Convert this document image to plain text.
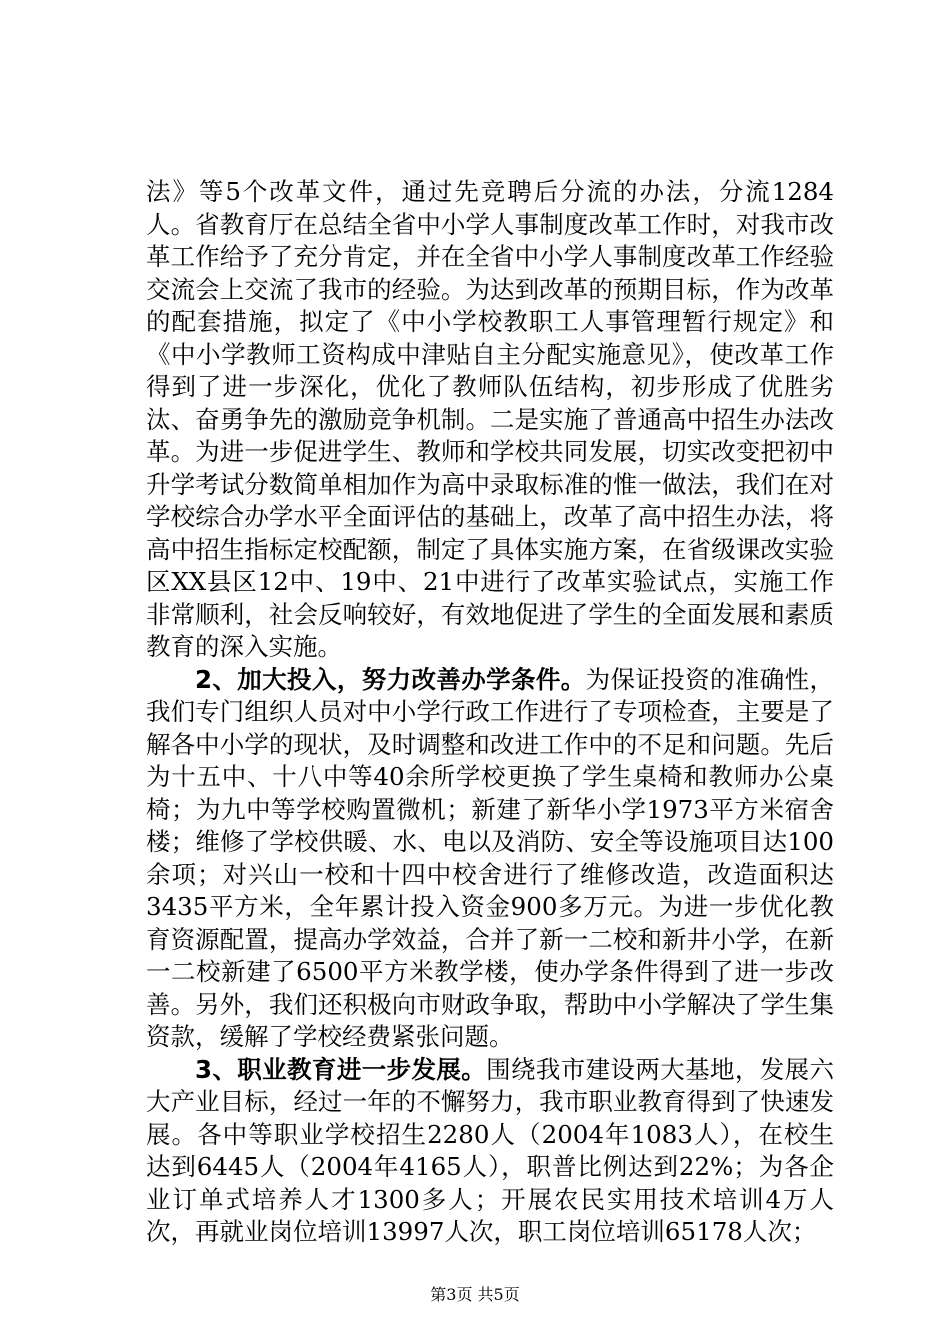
法》等5个改革文件，通过先竞聘后分流的办法，分流1284人。省教育厅在总结全省中小学人事制度改革工作时，对我市改革工作给予了充分肯定，并在全省中小学人事制度改革工作经验交流会上交流了我市的经验。为达到改革的预期目标，作为改革的配套措施，拟定了《中小学校教职工人事管理暂行规定》和《中小学教师工资构成中津贴自主分配实施意见》，使改革工作得到了进一步深化，优化了教师队伍结构，初步形成了优胜劣汰、奋勇争先的激励竞争机制。二是实施了普通高中招生办法改革。为进一步促进学生、教师和学校共同发展，切实改变把初中升学考试分数简单相加作为高中录取标准的惟一做法，我们在对学校综合办学水平全面评估的基础上，改革了高中招生办法，将高中招生指标定校配额，制定了具体实施方案，在省级课改实验区XX县区12中、19中、21中进行了改革实验试点，实施工作非常顺利，社会反响较好，有效地促进了学生的全面发展和素质教育的深入实施。

2、加大投入，努力改善办学条件。为保证投资的准确性，我们专门组织人员对中小学行政工作进行了专项检查，主要是了解各中小学的现状，及时调整和改进工作中的不足和问题。先后为十五中、十八中等40余所学校更换了学生桌椅和教师办公桌椅；为九中等学校购置微机；新建了新华小学1973平方米宿舍楼；维修了学校供暖、水、电以及消防、安全等设施项目达100余项；对兴山一校和十四中校舍进行了维修改造，改造面积达3435平方米，全年累计投入资金900多万元。为进一步优化教育资源配置，提高办学效益，合并了新一二校和新井小学，在新一二校新建了6500平方米教学楼，使办学条件得到了进一步改善。另外，我们还积极向市财政争取，帮助中小学解决了学生集资款，缓解了学校经费紧张问题。

3、职业教育进一步发展。围绕我市建设两大基地，发展六大产业目标，经过一年的不懈努力，我市职业教育得到了快速发展。各中等职业学校招生2280人（2004年1083人），在校生达到6445人（2004年4165人），职普比例达到22%；为各企业订单式培养人才1300多人；开展农民实用技术培训4万人次，再就业岗位培训13997人次，职工岗位培训65178人次；

第3页 共5页
